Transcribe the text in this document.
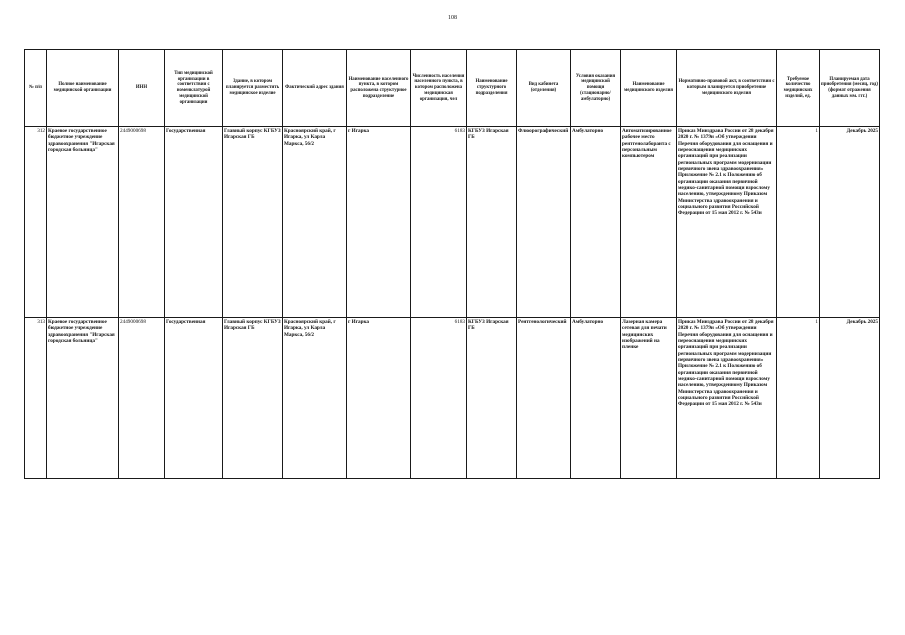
108
№ п/п	Полное наименование медицинской организации	ИНН	Тип медицинской организации в соответствии с номенклатурой медицинской организации	Здание, в котором планируется разместить медицинское изделие	Фактический адрес здания	Наименование населенного пункта, в котором расположена структурное подразделение	Численность населения населенного пункта, в котором расположена медицинская организация, чел	Наименование структурного подразделения	Вид кабинета (отделения)	Условия оказания медицинской помощи (стационарно/амбулаторно)	Наименование медицинского изделия	Нормативно-правовой акт, в соответствии с которым планируется приобретение медицинского изделия	Требуемое количество медицинских изделий, ед.	Планируемая дата приобретения (месяц, год) (формат отражения данных мм. ггг.)
312	Краевое государственное бюджетное учреждение здравоохранения "Игарская городская больница"	2449000698	Государственная	Главный корпус КГБУЗ Игарская ГБ	Красноярский край, г Игарка, ул Карла Маркса, 56/2	г Игарка	6183	КГБУЗ Игарская ГБ	Флюорографический	Амбулаторно	Автоматизированное рабочее место рентгенолаборанта с персональным компьютером	Приказ Минздрава России от 28 декабря 2020 г. № 1379н «Об утверждении Перечня оборудования для оснащения и переоснащения медицинских организаций при реализации региональных программ модернизации первичного звена здравоохранения» Приложение № 2.1 к Положению об организации оказания первичной медико-санитарной помощи взрослому населению, утвержденному Приказом Министерства здравоохранения и социального развития Российской Федерации от 15 мая 2012 г. № 543н	1	Декабрь 2025
313	Краевое государственное бюджетное учреждение здравоохранения "Игарская городская больница"	2449000698	Государственная	Главный корпус КГБУЗ Игарская ГБ	Красноярский край, г Игарка, ул Карла Маркса, 56/2	г Игарка	6183	КГБУЗ Игарская ГБ	Рентгенологический	Амбулаторно	Лазерная камера сетевая для печати медицинских изображений на пленке	Приказ Минздрава России от 28 декабря 2020 г. № 1379н «Об утверждении Перечня оборудования для оснащения и переоснащения медицинских организаций при реализации региональных программ модернизации первичного звена здравоохранения» Приложение № 2.1 к Положению об организации оказания первичной медико-санитарной помощи взрослому населению, утвержденному Приказом Министерства здравоохранения и социального развития Российской Федерации от 15 мая 2012 г. № 543н	1	Декабрь 2025
